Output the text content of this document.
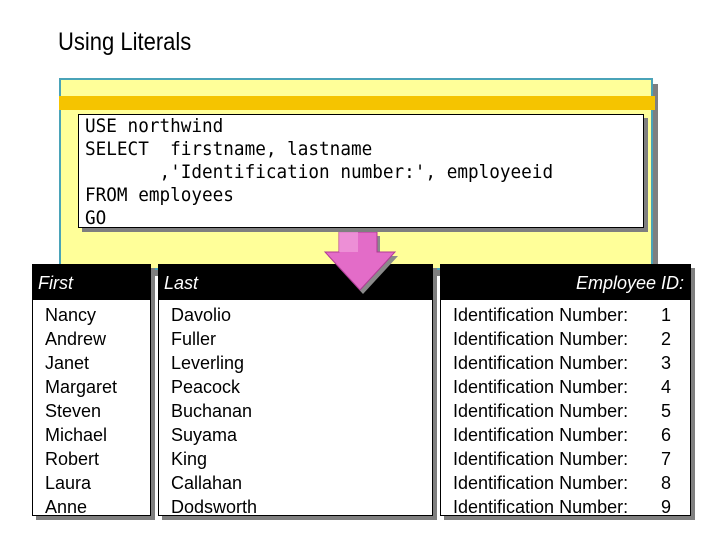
Using Literals
USE northwind
SELECT  firstname, lastname
,'Identification number:', employeeid
FROM employees
GO
First
Nancy
Andrew
Janet
Margaret
Steven
Michael
Robert
Laura
Anne
Last
Davolio
Fuller
Leverling
Peacock
Buchanan
Suyama
King
Callahan
Dodsworth
Employee ID:
Identification Number:
Identification Number:
Identification Number:
Identification Number:
Identification Number:
Identification Number:
Identification Number:
Identification Number:
Identification Number:
1
2
3
4
5
6
7
8
9
